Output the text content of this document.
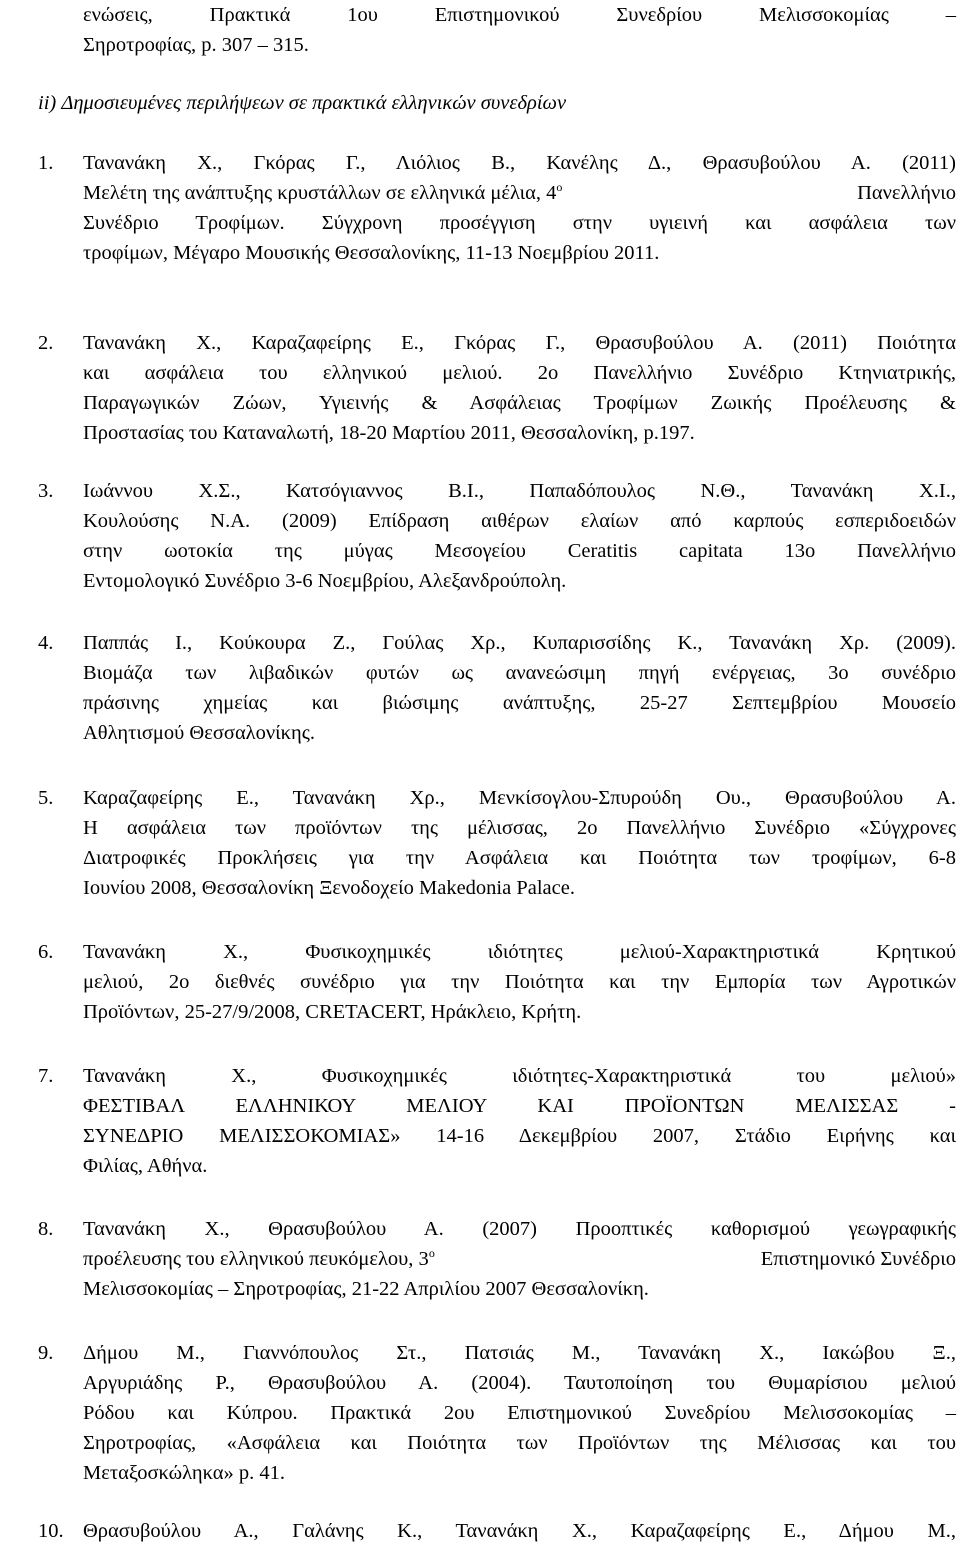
ενώσεις, Πρακτικά 1ου Επιστημονικού Συνεδρίου Μελισσοκομίας –
Σηροτροφίας, p. 307 – 315.
ii) Δημοσιευμένες περιλήψεων σε πρακτικά ελληνικών συνεδρίων
1. Τανανάκη Χ., Γκόρας Γ., Λιόλιος Β., Κανέλης Δ., Θρασυβούλου Α. (2011)
Μελέτη της ανάπτυξης κρυστάλλων σε ελληνικά μέλια, $4^o$	Πανελλήνιο
Συνέδριο Τροφίμων. Σύγχρονη προσέγγιση στην υγιεινή και ασφάλεια των
τροφίμων, Μέγαρο Μουσικής Θεσσαλονίκης, 11-13 Νοεμβρίου 2011.
2. Τανανάκη Χ., Καραζαφείρης Ε., Γκόρας Γ., Θρασυβούλου Α. (2011) Ποιότητα
και ασφάλεια του ελληνικού μελιού. 2ο Πανελλήνιο Συνέδριο Κτηνιατρικής,
Παραγωγικών Ζώων, Υγιεινής & Ασφάλειας Τροφίμων Ζωικής Προέλευσης &
Προστασίας του Καταναλωτή, 18-20 Μαρτίου 2011, Θεσσαλονίκη, p.197.
3. Ιωάννου Χ.Σ., Κατσόγιαννος Β.Ι., Παπαδόπουλος Ν.Θ., Τανανάκη Χ.Ι.,
Κουλούσης Ν.Α. (2009) Επίδραση αιθέρων ελαίων από καρπούς εσπεριδοειδών
στην ωοτοκία της μύγας Μεσογείου Ceratitis capitata 13ο Πανελλήνιο
Εντομολογικό Συνέδριο 3-6 Νοεμβρίου, Αλεξανδρούπολη.
4. Παππάς Ι., Κούκουρα Ζ., Γούλας Χρ., Κυπαρισσίδης Κ., Τανανάκη Χρ. (2009).
Βιομάζα των λιβαδικών φυτών ως ανανεώσιμη πηγή ενέργειας, 3ο συνέδριο
πράσινης χημείας και βιώσιμης ανάπτυξης, 25-27 Σεπτεμβρίου Μουσείο
Αθλητισμού Θεσσαλονίκης.
5. Καραζαφείρης Ε., Τανανάκη Χρ., Μενκίσογλου-Σπυρούδη Ου., Θρασυβούλου Α.
Η ασφάλεια των προϊόντων της μέλισσας, 2ο Πανελλήνιο Συνέδριο «Σύγχρονες
Διατροφικές Προκλήσεις για την Ασφάλεια και Ποιότητα των τροφίμων, 6-8
Ιουνίου 2008, Θεσσαλονίκη Ξενοδοχείο Makedonia Palace.
6. Τανανάκη Χ., Φυσικοχημικές ιδιότητες μελιού-Χαρακτηριστικά Κρητικού
μελιού, 2ο διεθνές συνέδριο για την Ποιότητα και την Εμπορία των Αγροτικών
Προϊόντων, 25-27/9/2008, CRETACERT, Ηράκλειο, Κρήτη.
7. Τανανάκη Χ., Φυσικοχημικές ιδιότητες-Χαρακτηριστικά του μελιού»
ΦΕΣΤΙΒΑΛ ΕΛΛΗΝΙΚΟΥ ΜΕΛΙΟΥ ΚΑΙ ΠΡΟΪΟΝΤΩΝ ΜΕΛΙΣΣΑΣ -
ΣΥΝΕΔΡΙΟ ΜΕΛΙΣΣΟΚΟΜΙΑΣ» 14-16 Δεκεμβρίου 2007, Στάδιο Ειρήνης και
Φιλίας, Αθήνα.
8. Τανανάκη Χ., Θρασυβούλου Α. (2007) Προοπτικές καθορισμού γεωγραφικής
προέλευσης του ελληνικού πευκόμελου, $3^o$	Επιστημονικό Συνέδριο
Μελισσοκομίας – Σηροτροφίας, 21-22 Απριλίου 2007 Θεσσαλονίκη.
9. Δήμου Μ., Γιαννόπουλος Στ., Πατσιάς Μ., Τανανάκη Χ., Ιακώβου Ξ.,
Αργυριάδης Ρ., Θρασυβούλου Α. (2004). Ταυτοποίηση του Θυμαρίσιου μελιού
Ρόδου και Κύπρου. Πρακτικά 2ου Επιστημονικού Συνεδρίου Μελισσοκομίας –
Σηροτροφίας, «Ασφάλεια και Ποιότητα των Προϊόντων της Μέλισσας και του
Μεταξοσκώληκα» p. 41.
10. Θρασυβούλου Α., Γαλάνης Κ., Τανανάκη Χ., Καραζαφείρης Ε., Δήμου Μ.,
